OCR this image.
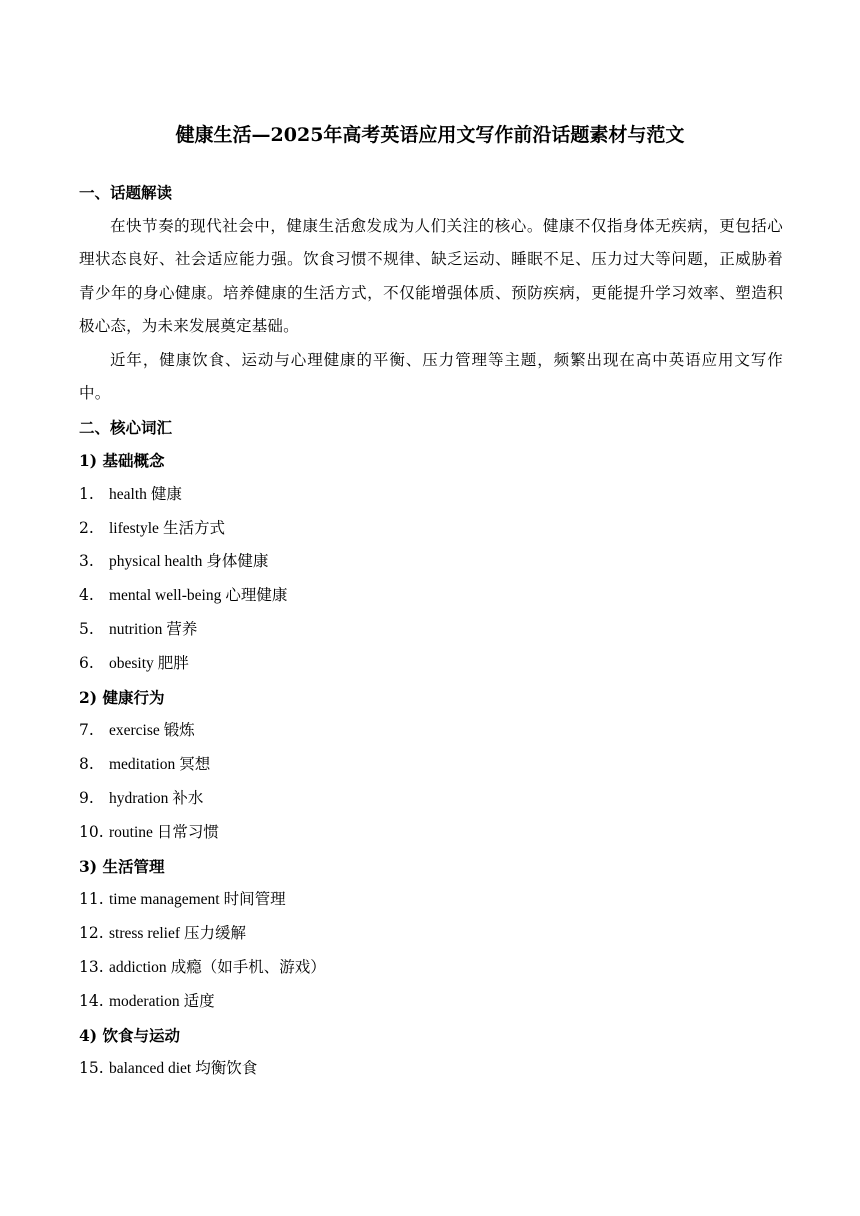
健康生活—2025年高考英语应用文写作前沿话题素材与范文

一、话题解读

在快节奏的现代社会中，健康生活愈发成为人们关注的核心。健康不仅指身体无疾病，更包括心理状态良好、社会适应能力强。饮食习惯不规律、缺乏运动、睡眠不足、压力过大等问题，正威胁着青少年的身心健康。培养健康的生活方式，不仅能增强体质、预防疾病，更能提升学习效率、塑造积极心态，为未来发展奠定基础。

近年，健康饮食、运动与心理健康的平衡、压力管理等主题，频繁出现在高中英语应用文写作中。

二、核心词汇

1) 基础概念

1. health 健康
2. lifestyle 生活方式
3. physical health 身体健康
4. mental well-being 心理健康
5. nutrition 营养
6. obesity 肥胖

2) 健康行为

7. exercise 锻炼
8. meditation 冥想
9. hydration 补水
10. routine 日常习惯

3) 生活管理

11. time management 时间管理
12. stress relief 压力缓解
13. addiction 成瘾（如手机、游戏）
14. moderation 适度

4) 饮食与运动

15. balanced diet 均衡饮食
